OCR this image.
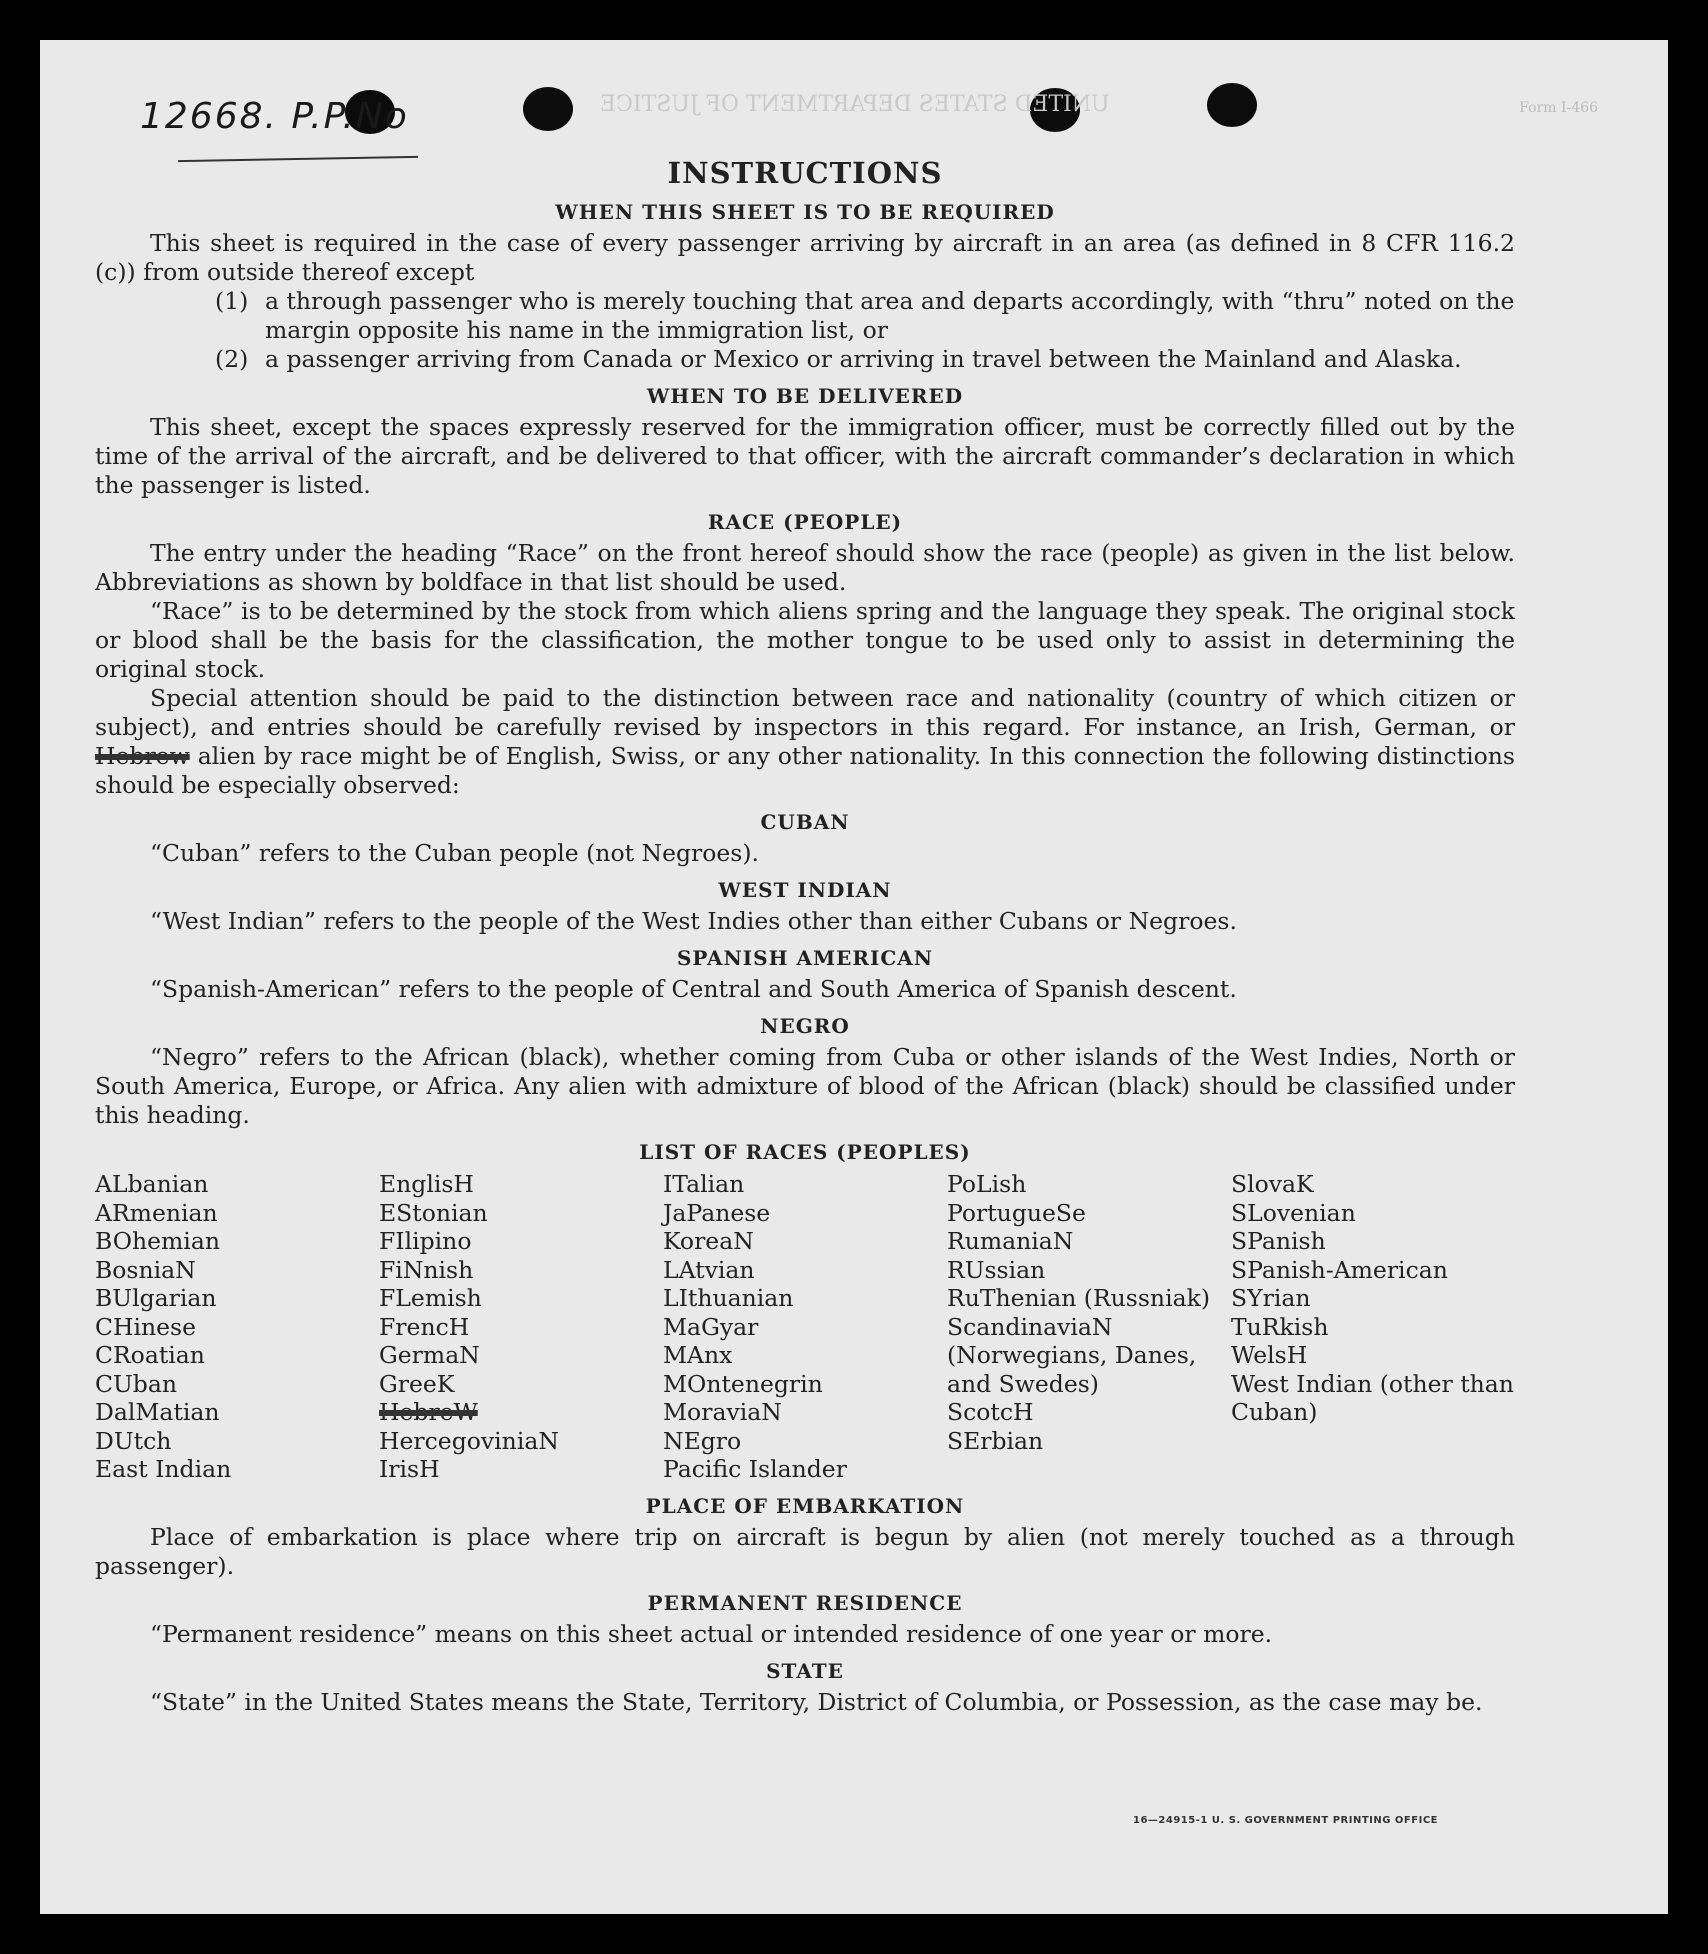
12668. P.P.No	UNITED STATES DEPARTMENT OF JUSTICE	Form I-466
INSTRUCTIONS
WHEN THIS SHEET IS TO BE REQUIRED

This sheet is required in the case of every passenger arriving by aircraft in an area (as defined in 8 CFR 116.2 (c)) from outside thereof except

(1) a through passenger who is merely touching that area and departs accordingly, with “thru” noted on the margin opposite his name in the immigration list, or
(2) a passenger arriving from Canada or Mexico or arriving in travel between the Mainland and Alaska.
WHEN TO BE DELIVERED

This sheet, except the spaces expressly reserved for the immigration officer, must be correctly filled out by the time of the arrival of the aircraft, and be delivered to that officer, with the aircraft commander’s declaration in which the passenger is listed.

RACE (PEOPLE)

The entry under the heading “Race” on the front hereof should show the race (people) as given in the list below. Abbreviations as shown by boldface in that list should be used.

“Race” is to be determined by the stock from which aliens spring and the language they speak. The original stock or blood shall be the basis for the classification, the mother tongue to be used only to assist in determining the original stock.

Special attention should be paid to the distinction between race and nationality (country of which citizen or subject), and entries should be carefully revised by inspectors in this regard. For instance, an Irish, German, or Hebrew alien by race might be of English, Swiss, or any other nationality. In this connection the following distinctions should be especially observed:

CUBAN

“Cuban” refers to the Cuban people (not Negroes).

WEST INDIAN

“West Indian” refers to the people of the West Indies other than either Cubans or Negroes.

SPANISH AMERICAN

“Spanish-American” refers to the people of Central and South America of Spanish descent.

NEGRO

“Negro” refers to the African (black), whether coming from Cuba or other islands of the West Indies, North or South America, Europe, or Africa. Any alien with admixture of blood of the African (black) should be classified under this heading.

LIST OF RACES (PEOPLES)
ALbanian
ARmenian
BOhemian
BosniaN
BUlgarian
CHinese
CRoatian
CUban
DalMatian
DUtch
East Indian
EnglisH
EStonian
FIlipino
FiNnish
FLemish
FrencH
GermaN
GreeK
HebreW
HercegoviniaN
IrisH
ITalian
JaPanese
KoreaN
LAtvian
LIthuanian
MaGyar
MAnx
MOntenegrin
MoraviaN
NEgro
Pacific Islander
PoLish
PortugueSe
RumaniaN
RUssian
RuThenian (Russniak)
ScandinaviaN (Norwegians, Danes, and Swedes)
ScotcH
SErbian
SlovaK
SLovenian
SPanish
SPanish-American
SYrian
TuRkish
WelsH
West Indian (other than Cuban)
PLACE OF EMBARKATION

Place of embarkation is place where trip on aircraft is begun by alien (not merely touched as a through passenger).

PERMANENT RESIDENCE

“Permanent residence” means on this sheet actual or intended residence of one year or more.

STATE

“State” in the United States means the State, Territory, District of Columbia, or Possession, as the case may be.

16—24915-1 U. S. GOVERNMENT PRINTING OFFICE
